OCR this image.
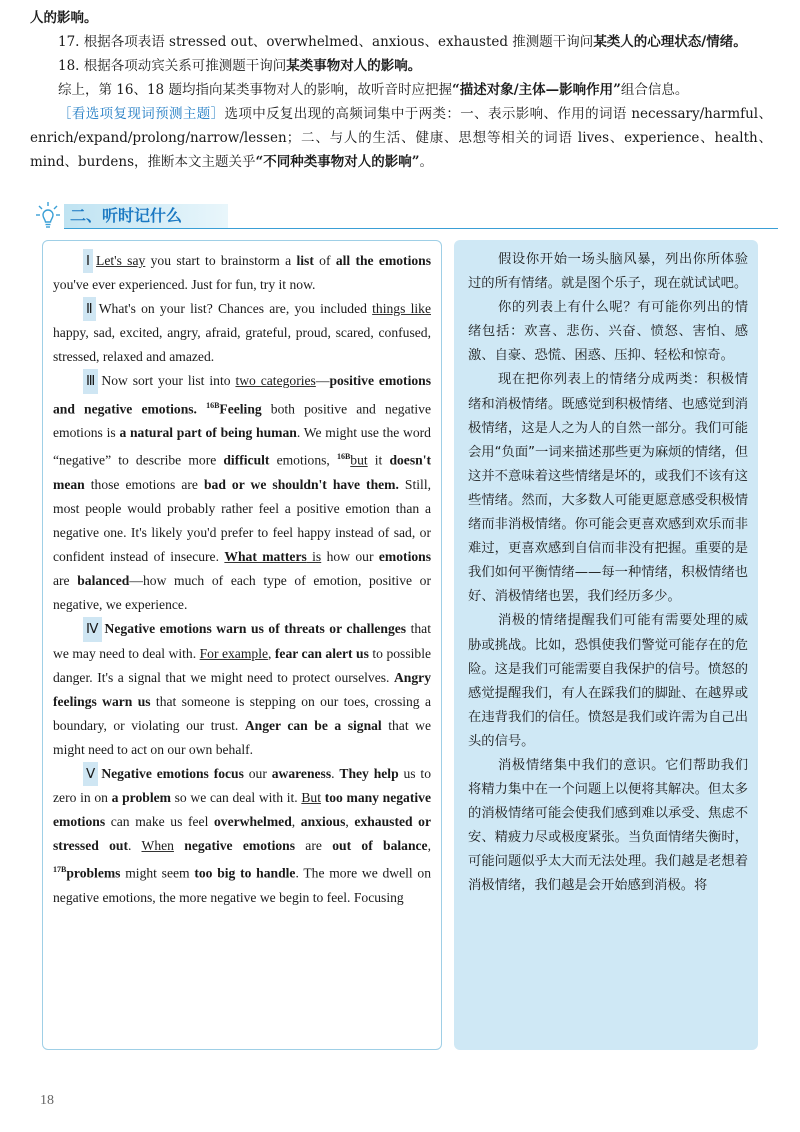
人的影响。

17. 根据各项表语 stressed out、overwhelmed、anxious、exhausted 推测题干询问某类人的心理状态/情绪。

18. 根据各项动宾关系可推测题干询问某类事物对人的影响。

综上，第 16、18 题均指向某类事物对人的影响，故听音时应把握“描述对象/主体—影响作用”组合信息。

［看选项复现词预测主题］选项中反复出现的高频词集中于两类：一、表示影响、作用的词语 necessary/harmful、enrich/expand/prolong/narrow/lessen；二、与人的生活、健康、思想等相关的词语 lives、experience、health、mind、burdens，推断本文主题关乎“不同种类事物对人的影响”。

二、听时记什么

Ⅰ Let's say you start to brainstorm a list of all the emotions you've ever experienced. Just for fun, try it now.

Ⅱ What's on your list? Chances are, you included things like happy, sad, excited, angry, afraid, grateful, proud, scared, confused, stressed, relaxed and amazed.

Ⅲ Now sort your list into two categories—positive emotions and negative emotions. $^{16B}$Feeling both positive and negative emotions is a natural part of being human. We might use the word “negative” to describe more difficult emotions, $^{16B}$but it doesn't mean those emotions are bad or we shouldn't have them. Still, most people would probably rather feel a positive emotion than a negative one. It's likely you'd prefer to feel happy instead of sad, or confident instead of insecure. What matters is how our emotions are balanced—how much of each type of emotion, positive or negative, we experience.

Ⅳ Negative emotions warn us of threats or challenges that we may need to deal with. For example, fear can alert us to possible danger. It's a signal that we might need to protect ourselves. Angry feelings warn us that someone is stepping on our toes, crossing a boundary, or violating our trust. Anger can be a signal that we might need to act on our own behalf.

Ⅴ Negative emotions focus our awareness. They help us to zero in on a problem so we can deal with it. But too many negative emotions can make us feel overwhelmed, anxious, exhausted or stressed out. When negative emotions are out of balance, $^{17B}$problems might seem too big to handle. The more we dwell on negative emotions, the more negative we begin to feel. Focusing

假设你开始一场头脑风暴，列出你所体验过的所有情绪。就是图个乐子，现在就试试吧。

你的列表上有什么呢？有可能你列出的情绪包括：欢喜、悲伤、兴奋、愤怒、害怕、感激、自豪、恐慌、困惑、压抑、轻松和惊奇。

现在把你列表上的情绪分成两类：积极情绪和消极情绪。既感觉到积极情绪、也感觉到消极情绪，这是人之为人的自然一部分。我们可能会用“负面”一词来描述那些更为麻烦的情绪，但这并不意味着这些情绪是坏的，或我们不该有这些情绪。然而，大多数人可能更愿意感受积极情绪而非消极情绪。你可能会更喜欢感到欢乐而非难过，更喜欢感到自信而非没有把握。重要的是我们如何平衡情绪——每一种情绪，积极情绪也好、消极情绪也罢，我们经历多少。

消极的情绪提醒我们可能有需要处理的威胁或挑战。比如，恐惧使我们警觉可能存在的危险。这是我们可能需要自我保护的信号。愤怒的感觉提醒我们，有人在踩我们的脚趾、在越界或在违背我们的信任。愤怒是我们或许需为自己出头的信号。

消极情绪集中我们的意识。它们帮助我们将精力集中在一个问题上以便将其解决。但太多的消极情绪可能会使我们感到难以承受、焦虑不安、精疲力尽或极度紧张。当负面情绪失衡时，可能问题似乎太大而无法处理。我们越是老想着消极情绪，我们越是会开始感到消极。将

18
